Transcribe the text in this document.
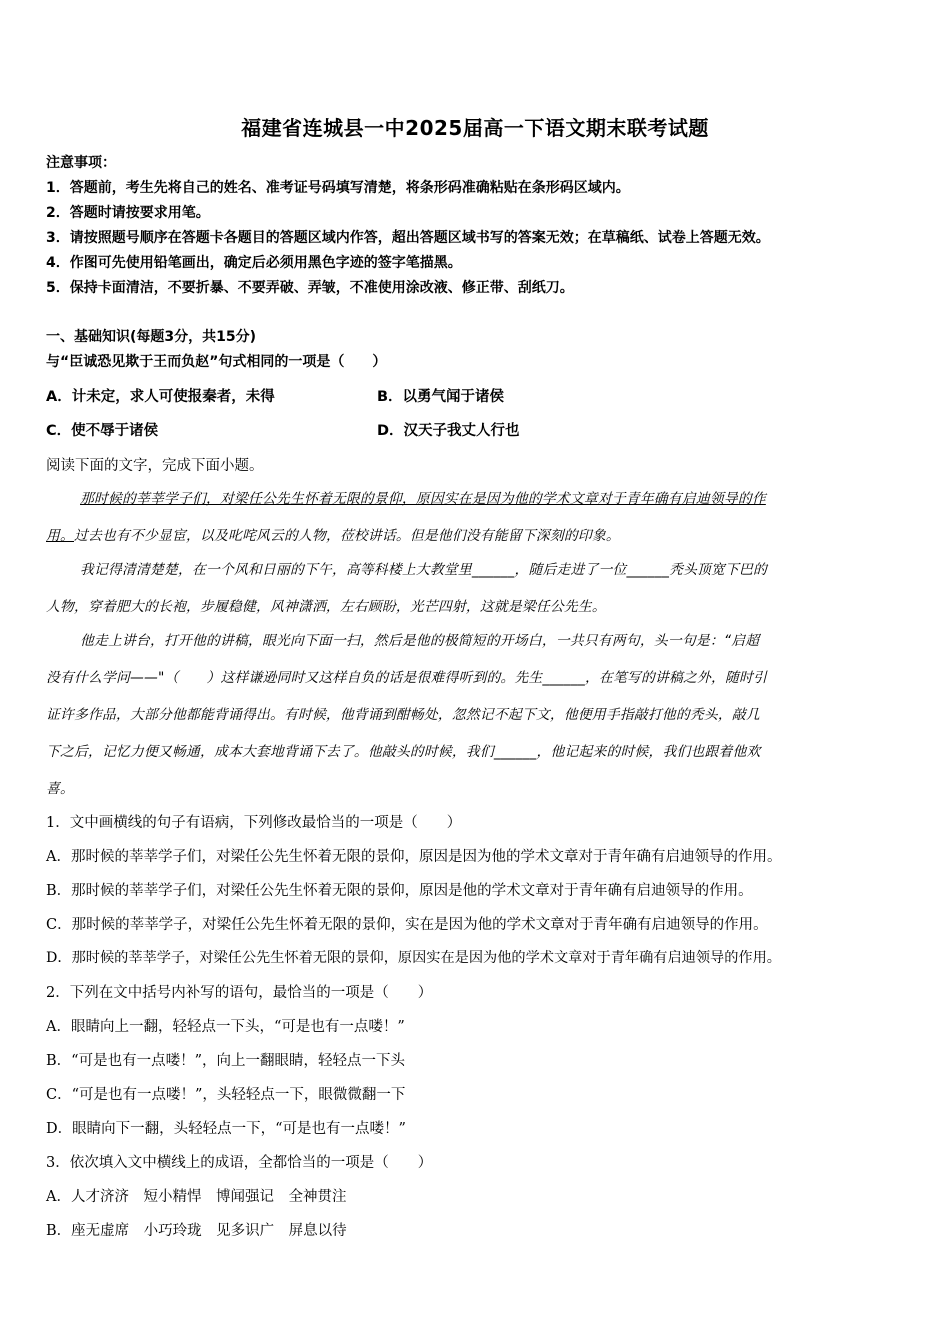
福建省连城县一中2025届高一下语文期末联考试题
注意事项：
1．答题前，考生先将自己的姓名、准考证号码填写清楚，将条形码准确粘贴在条形码区域内。
2．答题时请按要求用笔。
3．请按照题号顺序在答题卡各题目的答题区域内作答，超出答题区域书写的答案无效；在草稿纸、试卷上答题无效。
4．作图可先使用铅笔画出，确定后必须用黑色字迹的签字笔描黑。
5．保持卡面清洁，不要折暴、不要弄破、弄皱，不准使用涂改液、修正带、刮纸刀。
一、基础知识(每题3分，共15分)
与“臣诚恐见欺于王而负赵”句式相同的一项是（　　）
A．计未定，求人可使报秦者，未得	B．以勇气闻于诸侯
C．使不辱于诸侯	D．汉天子我丈人行也
阅读下面的文字，完成下面小题。
那时候的莘莘学子们，对梁任公先生怀着无限的景仰，原因实在是因为他的学术文章对于青年确有启迪领导的作
用。过去也有不少显宦，以及叱咤风云的人物，莅校讲话。但是他们没有能留下深刻的印象。
我记得清清楚楚，在一个风和日丽的下午，高等科楼上大教堂里______，随后走进了一位______秃头顶宽下巴的
人物，穿着肥大的长袍，步履稳健，风神潇洒，左右顾盼，光芒四射，这就是梁任公先生。
他走上讲台，打开他的讲稿，眼光向下面一扫，然后是他的极简短的开场白，一共只有两句，头一句是：“启超
没有什么学问——"（　　）这样谦逊同时又这样自负的话是很难得听到的。先生______，在笔写的讲稿之外，随时引
证许多作品，大部分他都能背诵得出。有时候，他背诵到酣畅处，忽然记不起下文，他便用手指敲打他的秃头，敲几
下之后，记忆力便又畅通，成本大套地背诵下去了。他敲头的时候，我们______，他记起来的时候，我们也跟着他欢
喜。
1．文中画横线的句子有语病，下列修改最恰当的一项是（　　）
A．那时候的莘莘学子们，对梁任公先生怀着无限的景仰，原因是因为他的学术文章对于青年确有启迪领导的作用。
B．那时候的莘莘学子们，对梁任公先生怀着无限的景仰，原因是他的学术文章对于青年确有启迪领导的作用。
C．那时候的莘莘学子，对梁任公先生怀着无限的景仰，实在是因为他的学术文章对于青年确有启迪领导的作用。
D．那时候的莘莘学子，对梁任公先生怀着无限的景仰，原因实在是因为他的学术文章对于青年确有启迪领导的作用。
2．下列在文中括号内补写的语句，最恰当的一项是（　　）
A．眼睛向上一翻，轻轻点一下头，“可是也有一点喽！”
B．“可是也有一点喽！”，向上一翻眼睛，轻轻点一下头
C．“可是也有一点喽！”，头轻轻点一下，眼微微翻一下
D．眼睛向下一翻，头轻轻点一下，“可是也有一点喽！”
3．依次填入文中横线上的成语，全都恰当的一项是（　　）
A．人才济济　短小精悍　博闻强记　全神贯注
B．座无虚席　小巧玲珑　见多识广　屏息以待
